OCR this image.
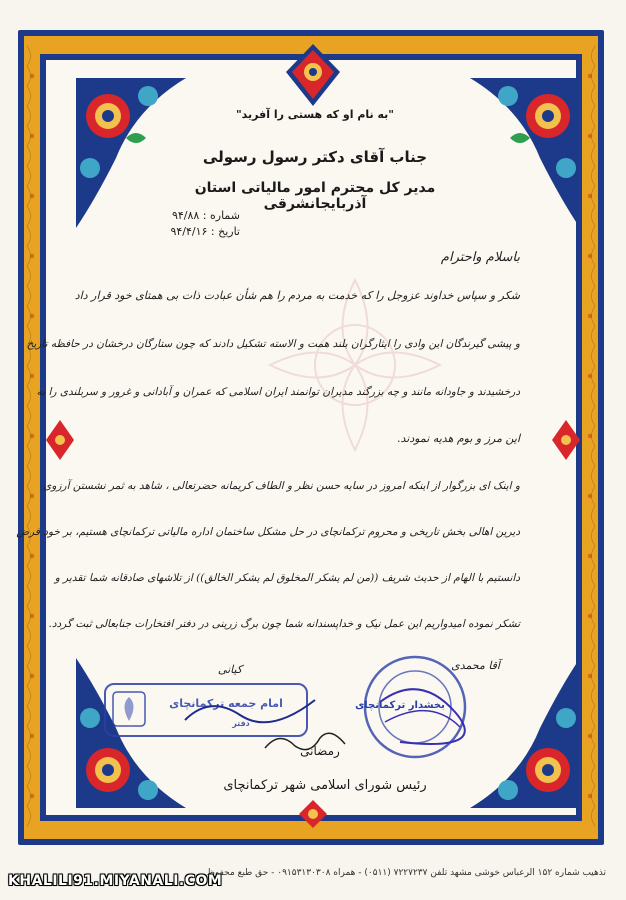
"به نام او که هستی را آفرید"
جناب آقای دکتر رسول رسولی
مدیر کل محترم امور مالیاتی استان آذربایجانشرقی
شماره : ۹۴/۸۸
تاریخ : ۹۴/۴/۱۶
باسلام واحترام
شکر و سپاس خداوند عزوجل را که خدمت به مردم را هم شأن عبادت ذات بی همتای خود قرار داد
و پیشی گیرندگان این وادی را ایثارگران بلند همت و الاسته تشکیل دادند که چون ستارگان درخشان در حافظه تاریخ
درخشیدند و جاودانه مانند و چه بزرگند مدیران توانمند ایران اسلامی که عمران و آبادانی و غرور و سربلندی را به
این مرز و بوم هدیه نمودند.
و اینک ای بزرگوار از اینکه امروز در سایه حسن نظر و الطاف کریمانه حضرتعالی ، شاهد به ثمر نشستن آرزوی
دیرین اهالی بخش تاریخی و محروم ترکمانچای در حل مشکل ساختمان اداره مالیاتی ترکمانچای هستیم، بر خود فرض
دانستیم با الهام از حدیث شریف ((من لم یشکر المخلوق لم یشکر الخالق)) از تلاشهای صادقانه شما تقدیر و
تشکر نموده امیدواریم این عمل نیک و خداپسندانه شما چون برگ زرینی در دفتر افتخارات جنابعالی ثبت گردد.
آقا محمدی
بخشدار ترکمانچای
کیانی
امام جمعه ترکمانچای
دفتر
رمضانی
رئیس شورای اسلامی شهر ترکمانچای
تذهیب شماره ۱۵۲ الرعباس خوشی مشهد تلفن ۷۲۲۷۲۳۷ (۰۵۱۱) - همراه ۰۹۱۵۳۱۳۰۳۰۸ - حق طبع محفوظ
KHALILI91.MIYANALI.COM
